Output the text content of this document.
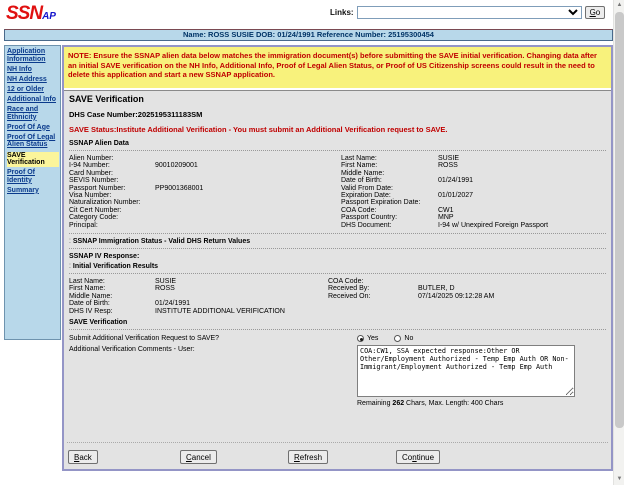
SSNAP	Links:	Go
Name: ROSS SUSIE DOB: 01/24/1991 Reference Number: 25195300454
Application Information
NH Info
NH Address
12 or Older
Additional Info
Race and Ethnicity
Proof Of Age
Proof Of Legal Alien Status
SAVE Verification
Proof Of Identity
Summary
NOTE: Ensure the SSNAP alien data below matches the immigration document(s) before submitting the SAVE initial verification. Changing data after an initial SAVE verification on the NH Info, Additional Info, Proof of Legal Alien Status, or Proof of US Citizenship screens could result in the need to delete this application and start a new SSNAP application.
SAVE Verification
DHS Case Number:2025195311183SM
SAVE Status:Institute Additional Verification - You must submit an Additional Verification request to SAVE.
SSNAP Alien Data
Alien Number:
I-94 Number:	90010209001
Card Number:
SEVIS Number:
Passport Number:	PP9001368001
Visa Number:
Naturalization Number:
Cit Cert Number:
Category Code:
Principal:
Last Name:	SUSIE
First Name:	ROSS
Middle Name:
Date of Birth:	01/24/1991
Valid From Date:
Expiration Date:	01/01/2027
Passport Expiration Date:
COA Code:	CW1
Passport Country:	MNP
DHS Document:	I-94 w/ Unexpired Foreign Passport
⁚ SSNAP Immigration Status - Valid DHS Return Values
SSNAP IV Response:
⁚ Initial Verification Results
Last Name:	SUSIE
First Name:	ROSS
Middle Name:
Date of Birth:	01/24/1991
DHS IV Resp:	INSTITUTE ADDITIONAL VERIFICATION
COA Code:
Received By:	BUTLER, D
Received On:	07/14/2025 09:12:28 AM
SAVE Verification
Submit Additional Verification Request to SAVE?	Yes	No
Additional Verification Comments - User:
COA:CW1, SSA expected response:Other OR Other/Employment Authorized - Temp Emp Auth OR Non-Immigrant/Employment Authorized - Temp Emp Auth
Remaining 262 Chars, Max. Length: 400 Chars
Back	Cancel	Refresh	Continue
▲
▼
